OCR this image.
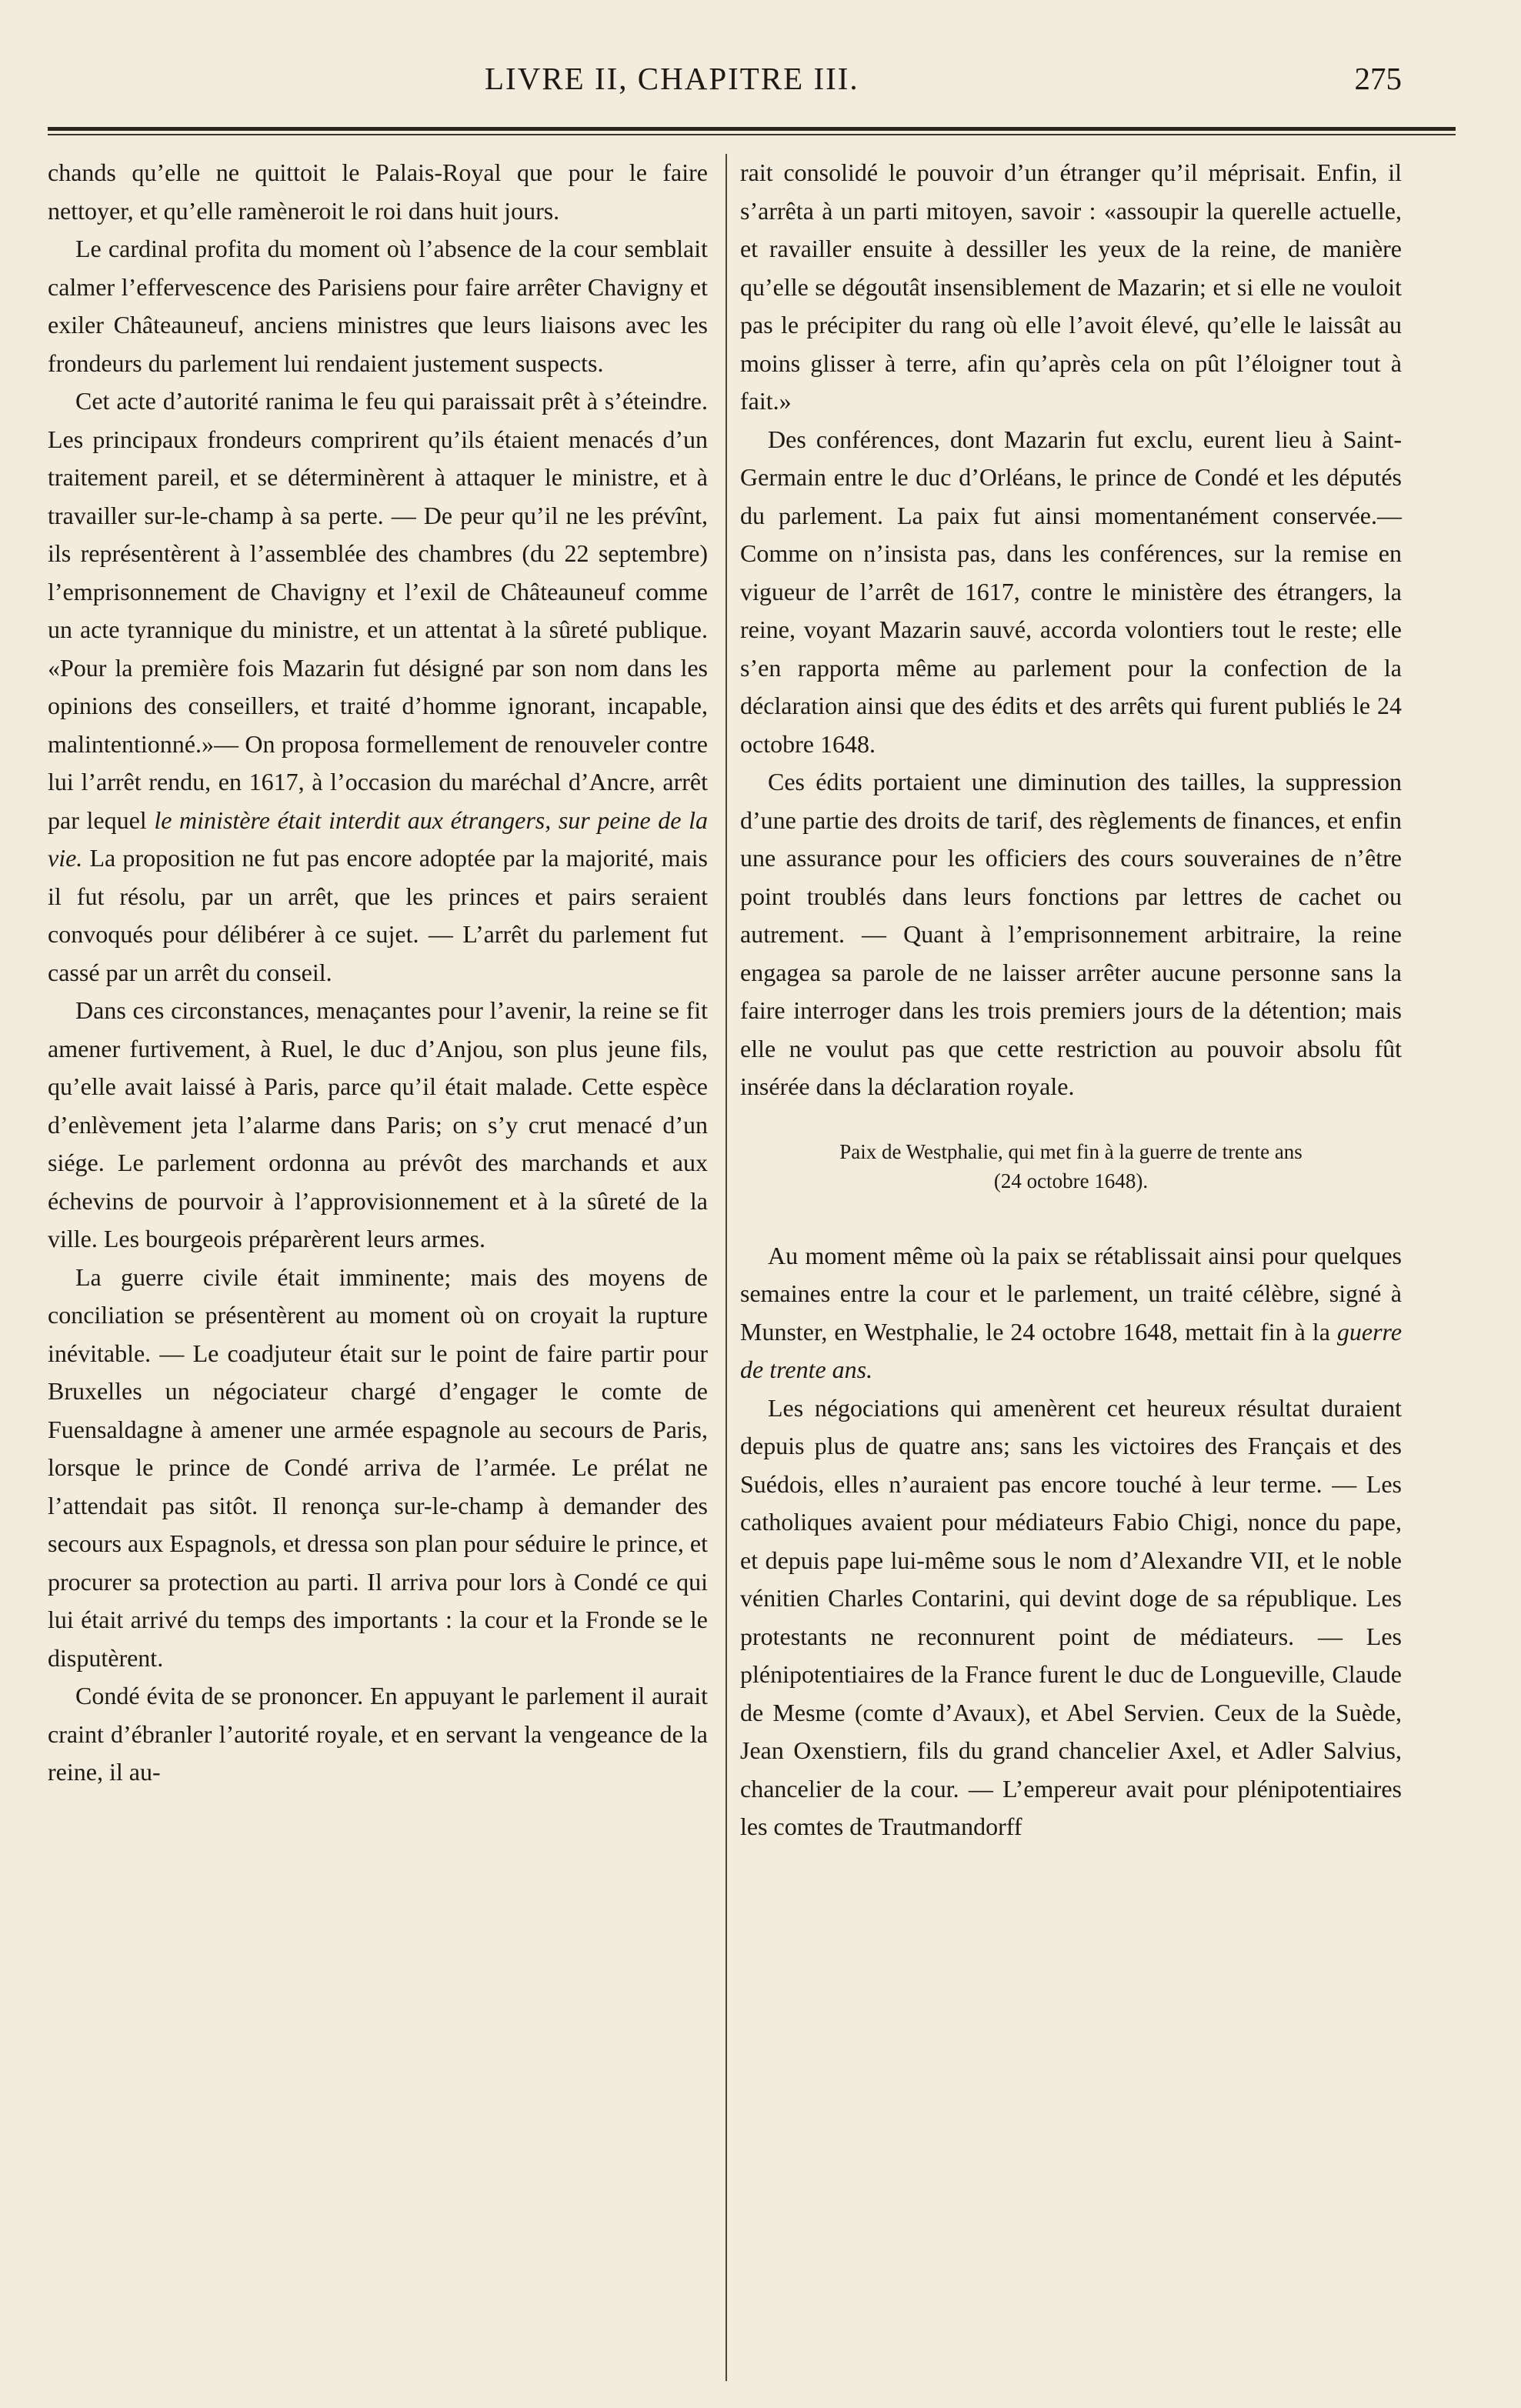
LIVRE II, CHAPITRE III.	275

chands qu’elle ne quittoit le Palais-Royal que pour le faire nettoyer, et qu’elle ramèneroit le roi dans huit jours.

Le cardinal profita du moment où l’absence de la cour semblait calmer l’effervescence des Parisiens pour faire arrêter Chavigny et exiler Châteauneuf, anciens ministres que leurs liaisons avec les frondeurs du parlement lui rendaient justement suspects.

Cet acte d’autorité ranima le feu qui paraissait prêt à s’éteindre. Les principaux frondeurs comprirent qu’ils étaient menacés d’un traitement pareil, et se déterminèrent à attaquer le ministre, et à travailler sur-le-champ à sa perte. — De peur qu’il ne les prévînt, ils représentèrent à l’assemblée des chambres (du 22 septembre) l’emprisonnement de Chavigny et l’exil de Châteauneuf comme un acte tyrannique du ministre, et un attentat à la sûreté publique. «Pour la première fois Mazarin fut désigné par son nom dans les opinions des conseillers, et traité d’homme ignorant, incapable, malintentionné.»— On proposa formellement de renouveler contre lui l’arrêt rendu, en 1617, à l’occasion du maréchal d’Ancre, arrêt par lequel le ministère était interdit aux étrangers, sur peine de la vie. La proposition ne fut pas encore adoptée par la majorité, mais il fut résolu, par un arrêt, que les princes et pairs seraient convoqués pour délibérer à ce sujet. — L’arrêt du parlement fut cassé par un arrêt du conseil.

Dans ces circonstances, menaçantes pour l’avenir, la reine se fit amener furtivement, à Ruel, le duc d’Anjou, son plus jeune fils, qu’elle avait laissé à Paris, parce qu’il était malade. Cette espèce d’enlèvement jeta l’alarme dans Paris; on s’y crut menacé d’un siége. Le parlement ordonna au prévôt des marchands et aux échevins de pourvoir à l’approvisionnement et à la sûreté de la ville. Les bourgeois préparèrent leurs armes.

La guerre civile était imminente; mais des moyens de conciliation se présentèrent au moment où on croyait la rupture inévitable. — Le coadjuteur était sur le point de faire partir pour Bruxelles un négociateur chargé d’engager le comte de Fuensaldagne à amener une armée espagnole au secours de Paris, lorsque le prince de Condé arriva de l’armée. Le prélat ne l’attendait pas sitôt. Il renonça sur-le-champ à demander des secours aux Espagnols, et dressa son plan pour séduire le prince, et procurer sa protection au parti. Il arriva pour lors à Condé ce qui lui était arrivé du temps des importants : la cour et la Fronde se le disputèrent.

Condé évita de se prononcer. En appuyant le parlement il aurait craint d’ébranler l’autorité royale, et en servant la vengeance de la reine, il au-

rait consolidé le pouvoir d’un étranger qu’il méprisait. Enfin, il s’arrêta à un parti mitoyen, savoir : «assoupir la querelle actuelle, et ravailler ensuite à dessiller les yeux de la reine, de manière qu’elle se dégoutât insensiblement de Mazarin; et si elle ne vouloit pas le précipiter du rang où elle l’avoit élevé, qu’elle le laissât au moins glisser à terre, afin qu’après cela on pût l’éloigner tout à fait.»

Des conférences, dont Mazarin fut exclu, eurent lieu à Saint-Germain entre le duc d’Orléans, le prince de Condé et les députés du parlement. La paix fut ainsi momentanément conservée.—Comme on n’insista pas, dans les conférences, sur la remise en vigueur de l’arrêt de 1617, contre le ministère des étrangers, la reine, voyant Mazarin sauvé, accorda volontiers tout le reste; elle s’en rapporta même au parlement pour la confection de la déclaration ainsi que des édits et des arrêts qui furent publiés le 24 octobre 1648.

Ces édits portaient une diminution des tailles, la suppression d’une partie des droits de tarif, des règlements de finances, et enfin une assurance pour les officiers des cours souveraines de n’être point troublés dans leurs fonctions par lettres de cachet ou autrement. — Quant à l’emprisonnement arbitraire, la reine engagea sa parole de ne laisser arrêter aucune personne sans la faire interroger dans les trois premiers jours de la détention; mais elle ne voulut pas que cette restriction au pouvoir absolu fût insérée dans la déclaration royale.

Paix de Westphalie, qui met fin à la guerre de trente ans
(24 octobre 1648).

Au moment même où la paix se rétablissait ainsi pour quelques semaines entre la cour et le parlement, un traité célèbre, signé à Munster, en Westphalie, le 24 octobre 1648, mettait fin à la guerre de trente ans.

Les négociations qui amenèrent cet heureux résultat duraient depuis plus de quatre ans; sans les victoires des Français et des Suédois, elles n’auraient pas encore touché à leur terme. — Les catholiques avaient pour médiateurs Fabio Chigi, nonce du pape, et depuis pape lui-même sous le nom d’Alexandre VII, et le noble vénitien Charles Contarini, qui devint doge de sa république. Les protestants ne reconnurent point de médiateurs. — Les plénipotentiaires de la France furent le duc de Longueville, Claude de Mesme (comte d’Avaux), et Abel Servien. Ceux de la Suède, Jean Oxenstiern, fils du grand chancelier Axel, et Adler Salvius, chancelier de la cour. — L’empereur avait pour plénipotentiaires les comtes de Trautmandorff
